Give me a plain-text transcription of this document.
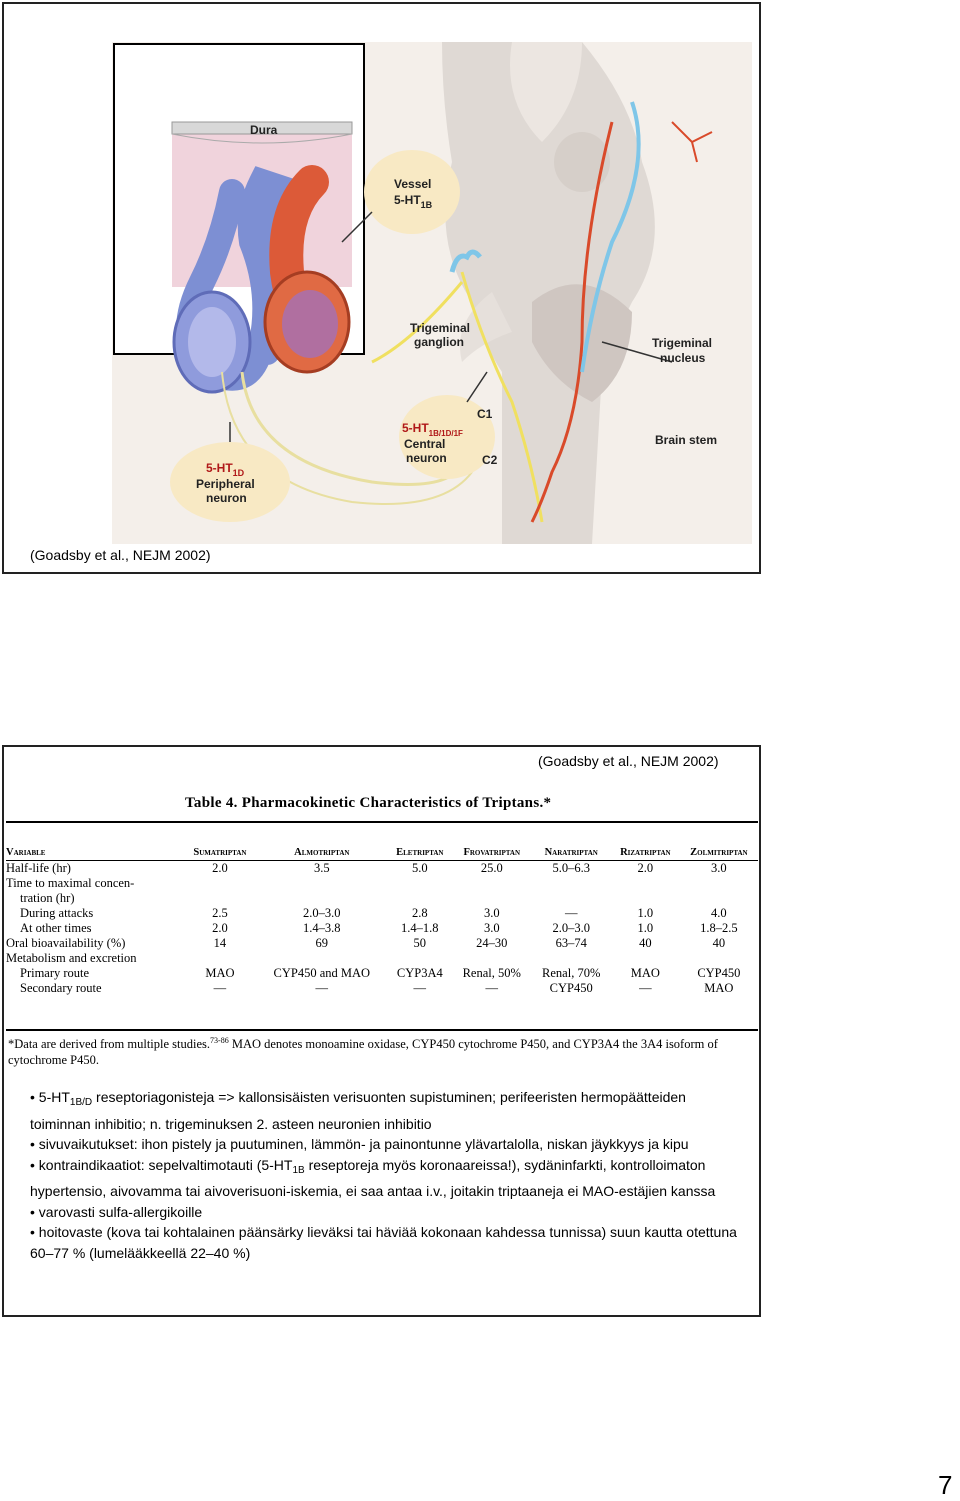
Dura
Vessel
$5-HT_{1B}$
Trigeminal
ganglion	Trigeminal
nucleus
C1
C2
Brain stem
$5-HT_{1B/1D/1F}$
Central
neuron
$5-HT_{1D}$
Peripheral
neuron
(Goadsby et al., NEJM 2002)
(Goadsby et al., NEJM 2002)
Table 4. Pharmacokinetic Characteristics of Triptans.*
Variable	Sumatriptan	Almotriptan	Eletriptan	Frovatriptan	Naratriptan	Rizatriptan	Zolmitriptan
Half-life (hr)	2.0	3.5	5.0	25.0	5.0–6.3	2.0	3.0
Time to maximal concen-							
tration (hr)							
During attacks	2.5	2.0–3.0	2.8	3.0	—	1.0	4.0
At other times	2.0	1.4–3.8	1.4–1.8	3.0	2.0–3.0	1.0	1.8–2.5
Oral bioavailability (%)	14	69	50	24–30	63–74	40	40
Metabolism and excretion							
Primary route	MAO	CYP450 and MAO	CYP3A4	Renal, 50%	Renal, 70%	MAO	CYP450
Secondary route	—	—	—	—	CYP450	—	MAO
*Data are derived from multiple studies.$^{73-86}$ MAO denotes monoamine oxidase, CYP450 cytochrome P450, and CYP3A4 the 3A4 isoform of cytochrome P450.

• $5-HT_{1B/D}$ reseptoriagonisteja => kallonsisäisten verisuonten supistuminen; perifeeristen hermopäätteiden toiminnan inhibitio; n. trigeminuksen 2. asteen neuronien inhibitio

• sivuvaikutukset: ihon pistely ja puutuminen, lämmön- ja painontunne ylävartalolla, niskan jäykkyys ja kipu

• kontraindikaatiot: sepelvaltimotauti ($5-HT_{1B}$ reseptoreja myös koronaareissa!), sydäninfarkti, kontrolloimaton hypertensio, aivovamma tai aivoverisuoni-iskemia, ei saa antaa i.v., joitakin triptaaneja ei MAO-estäjien kanssa

• varovasti sulfa-allergikoille

• hoitovaste (kova tai kohtalainen päänsärky lieväksi tai häviää kokonaan kahdessa tunnissa) suun kautta otettuna 60–77 % (lumelääkkeellä 22–40 %)

7
